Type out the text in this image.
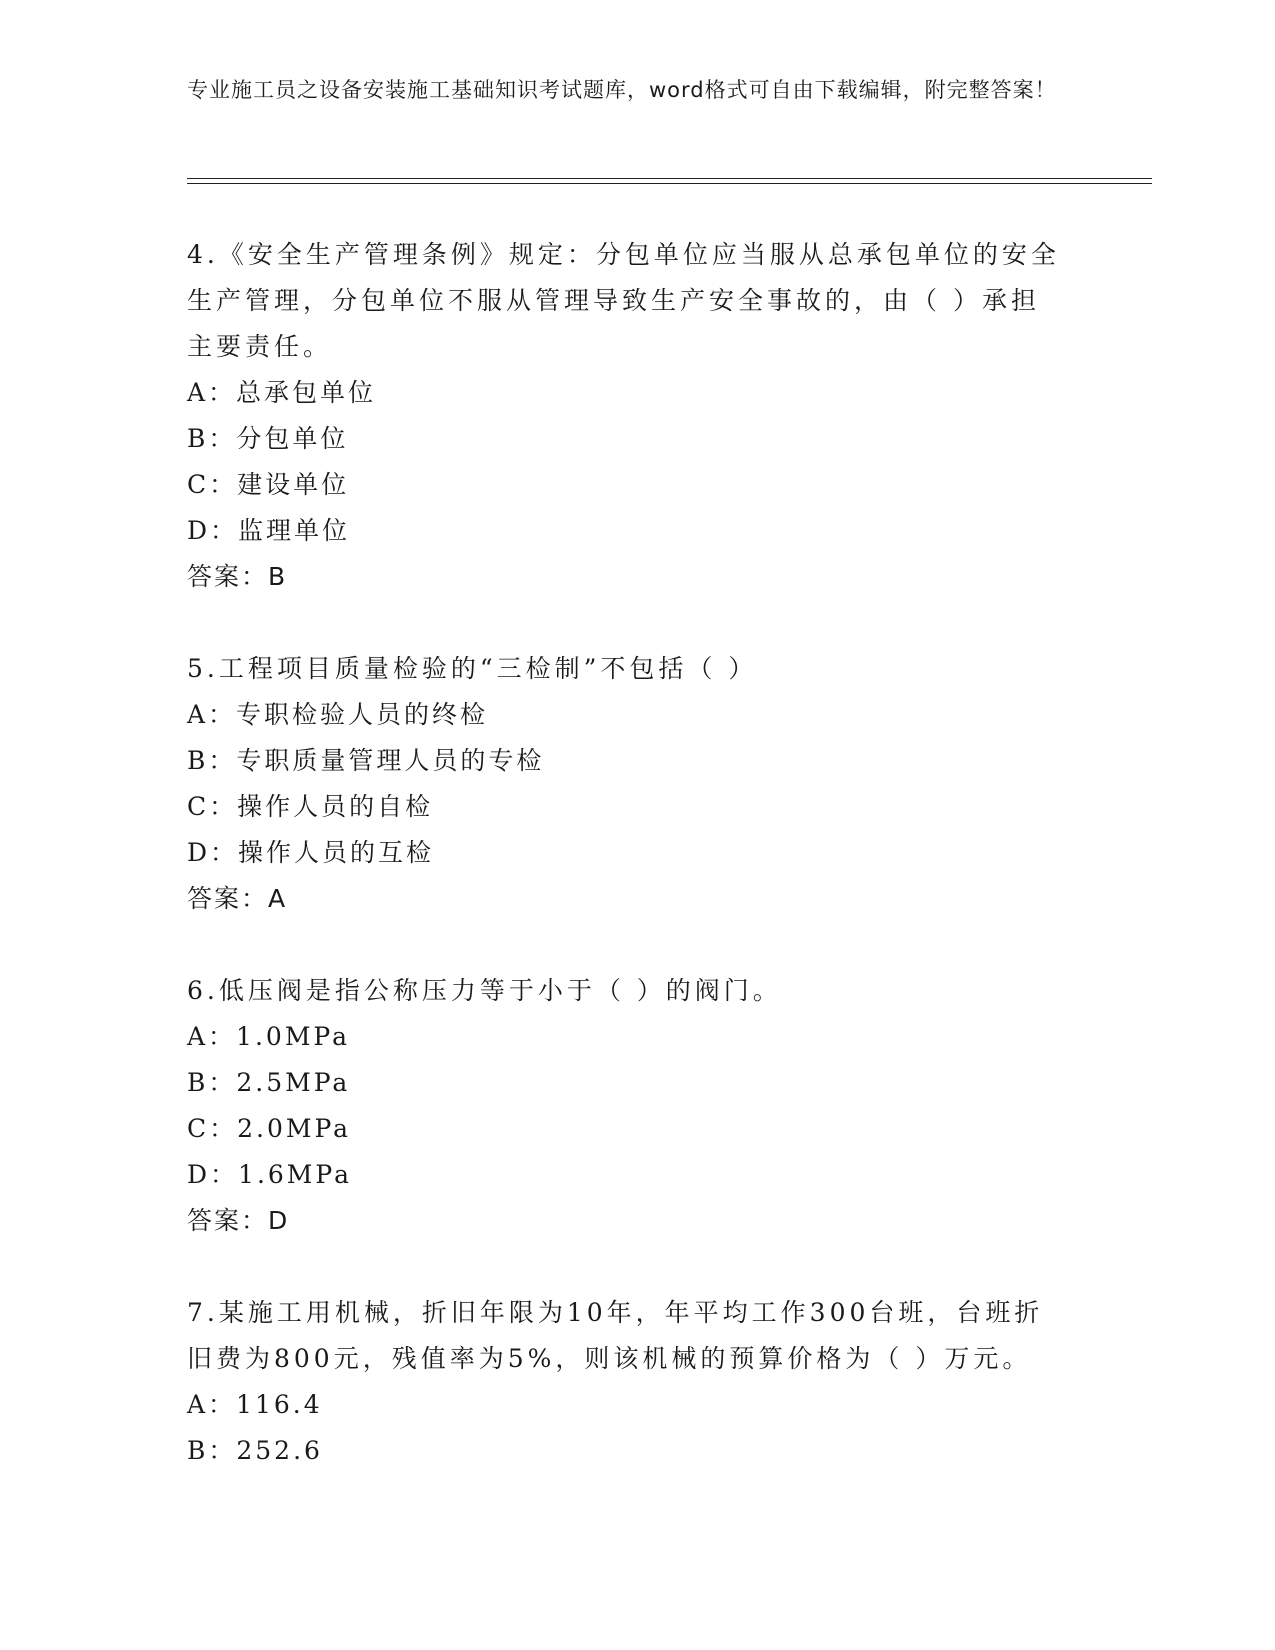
专业施工员之设备安装施工基础知识考试题库，word格式可自由下载编辑，附完整答案！
4.《安全生产管理条例》规定：分包单位应当服从总承包单位的安全生产管理，分包单位不服从管理导致生产安全事故的，由（ ）承担主要责任。
A：总承包单位
B：分包单位
C：建设单位
D：监理单位
答案：B
5.工程项目质量检验的“三检制”不包括（ ）
A：专职检验人员的终检
B：专职质量管理人员的专检
C：操作人员的自检
D：操作人员的互检
答案：A
6.低压阀是指公称压力等于小于（ ）的阀门。
A：1.0MPa
B：2.5MPa
C：2.0MPa
D：1.6MPa
答案：D
7.某施工用机械，折旧年限为10年，年平均工作300台班，台班折旧费为800元，残值率为5%，则该机械的预算价格为（ ）万元。
A：116.4
B：252.6
